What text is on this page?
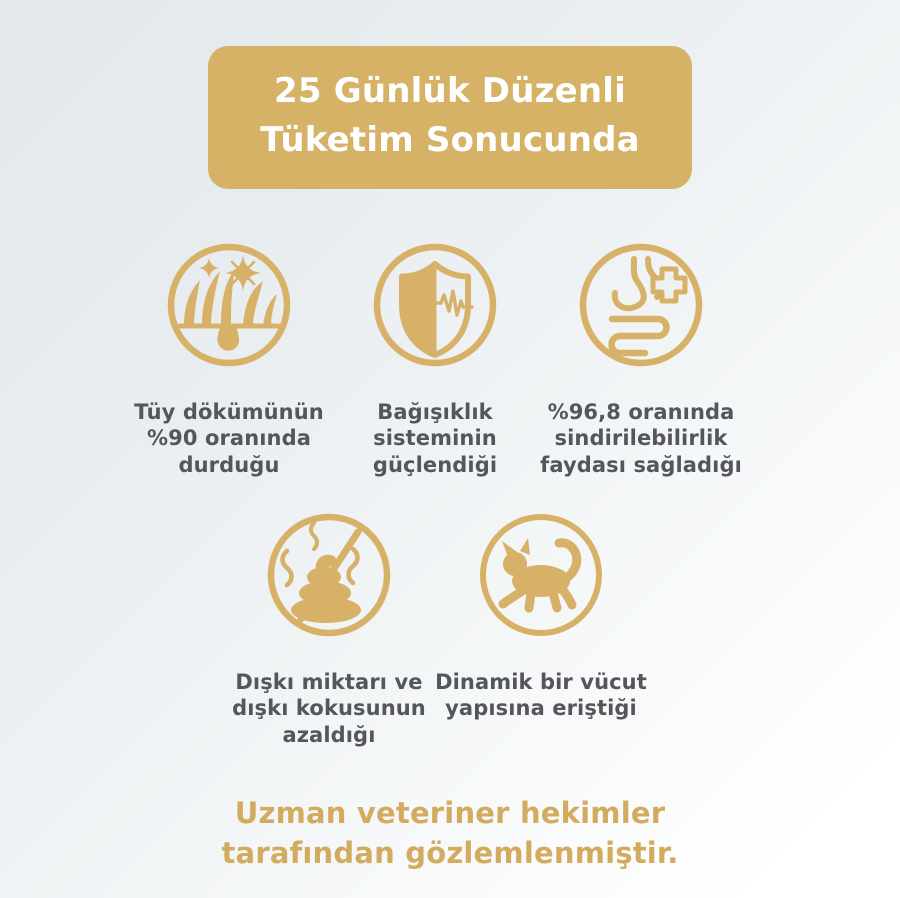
25 Günlük Düzenli
Tüketim Sonucunda
Tüy dökümünün
%90 oranında
durduğu
Bağışıklık
sisteminin
güçlendiği
%96,8 oranında
sindirilebilirlik
faydası sağladığı
Dışkı miktarı ve
dışkı kokusunun
azaldığı
Dinamik bir vücut
yapısına eriştiği
Uzman veteriner hekimler
tarafından gözlemlenmiştir.
